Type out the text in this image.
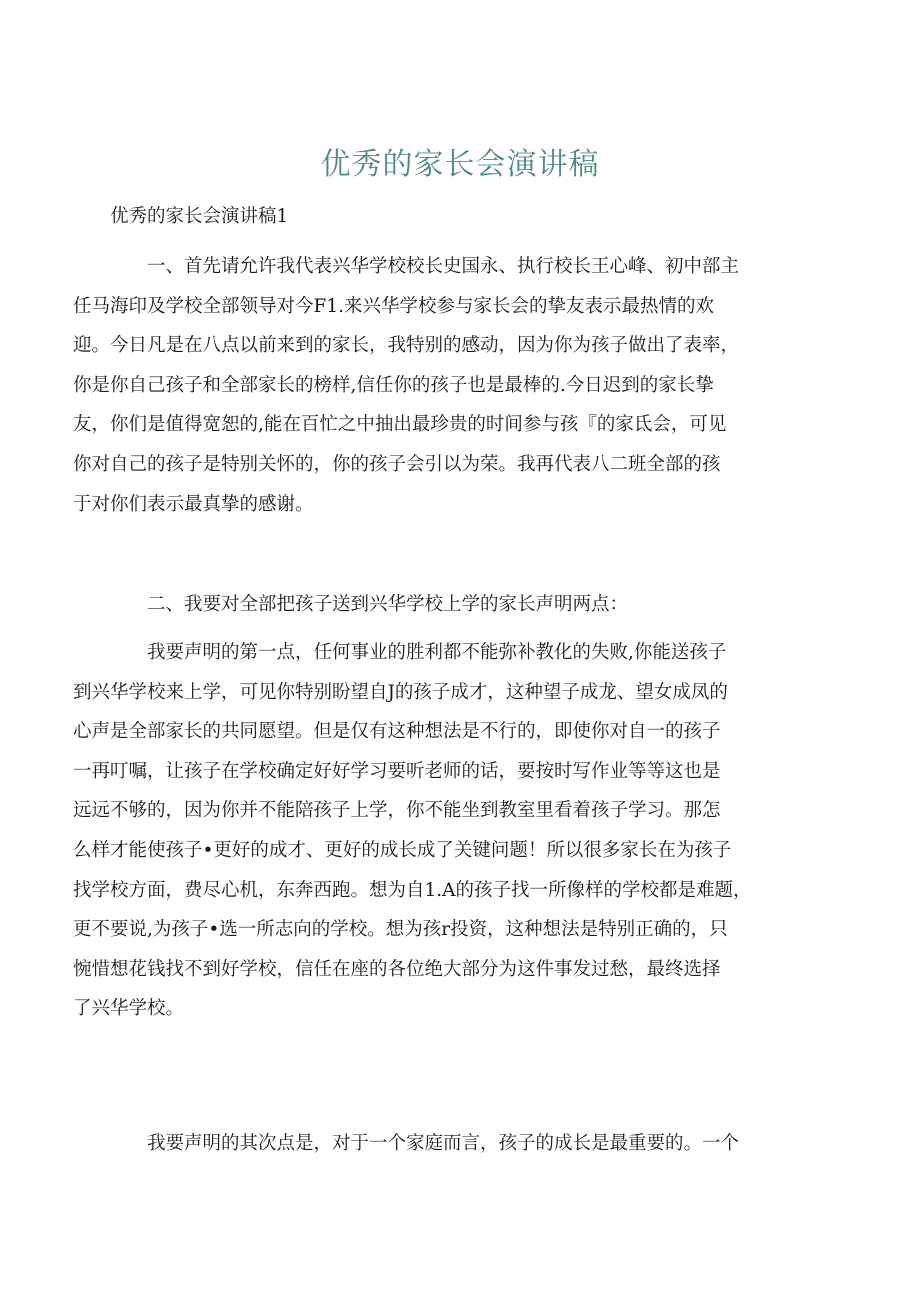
优秀的家长会演讲稿

优秀的家长会演讲稿1

一、首先请允许我代表兴华学校校长史国永、执行校长王心峰、初中部主
任马海印及学校全部领导对今F1.来兴华学校参与家长会的挚友表示最热情的欢
迎。今日凡是在八点以前来到的家长，我特别的感动，因为你为孩子做出了表率，
你是你自己孩子和全部家长的榜样,信任你的孩子也是最棒的.今日迟到的家长挚
友，你们是值得宽恕的,能在百忙之中抽出最珍贵的时间参与孩『的家氐会，可见
你对自己的孩子是特别关怀的，你的孩子会引以为荣。我再代表八二班全部的孩
于对你们表示最真挚的感谢。

二、我要对全部把孩子送到兴华学校上学的家长声明两点：

我要声明的第一点，任何事业的胜利都不能弥补教化的失败,你能送孩子
到兴华学校来上学，可见你特别盼望自J的孩子成才，这种望子成龙、望女成凤的
心声是全部家长的共同愿望。但是仅有这种想法是不行的，即使你对自一的孩子
一再叮嘱，让孩子在学校确定好好学习要听老师的话，要按时写作业等等这也是
远远不够的，因为你并不能陪孩子上学，你不能坐到教室里看着孩子学习。那怎
么样才能使孩子•更好的成才、更好的成长成了关键问题！所以很多家长在为孩子
找学校方面，费尽心机，东奔西跑。想为自1.A的孩子找一所像样的学校都是难题，
更不要说,为孩子•选一所志向的学校。想为孩r投资，这种想法是特别正确的，只
惋惜想花钱找不到好学校，信任在座的各位绝大部分为这件事发过愁，最终选择
了兴华学校。

我要声明的其次点是，对于一个家庭而言，孩子的成长是最重要的。一个
